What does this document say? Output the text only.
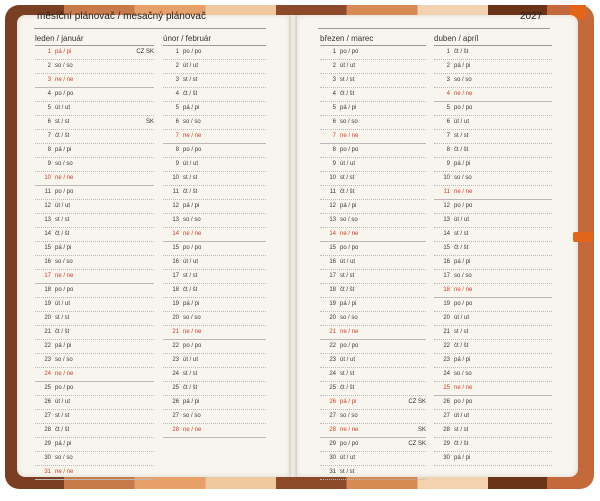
měsíční plánovač / mesačný plánovač	2027
leden / január
1 pá / pi	CZ SK
2 so / so
3 ne / ne
4 po / po
5 út / ut
6 st / st	SK
7 čt / št
8 pá / pi
9 so / so
10 ne / ne
11 po / po
12 út / ut
13 st / st
14 čt / št
15 pá / pi
16 so / so
17 ne / ne
18 po / po
19 út / ut
20 st / st
21 čt / št
22 pá / pi
23 so / so
24 ne / ne
25 po / po
26 út / ut
27 st / st
28 čt / št
29 pá / pi
30 so / so
31 ne / ne
únor / február
1 po / po
2 út / ut
3 st / st
4 čt / št
5 pá / pi
6 so / so
7 ne / ne
8 po / po
9 út / ut
10 st / st
11 čt / št
12 pá / pi
13 so / so
14 ne / ne
15 po / po
16 út / ut
17 st / st
18 čt / št
19 pá / pi
20 so / so
21 ne / ne
22 po / po
23 út / ut
24 st / st
25 čt / št
26 pá / pi
27 so / so
28 ne / ne
březen / marec
1 po / po
2 út / ut
3 st / st
4 čt / št
5 pá / pi
6 so / so
7 ne / ne
8 po / po
9 út / ut
10 st / st
11 čt / št
12 pá / pi
13 so / so
14 ne / ne
15 po / po
16 út / ut
17 st / st
18 čt / št
19 pá / pi
20 so / so
21 ne / ne
22 po / po
23 út / ut
24 st / st
25 čt / št
26 pá / pi	CZ SK
27 so / so
28 ne / ne	SK
29 po / po	CZ SK
30 út / ut
31 st / st
duben / apríl
1 čt / št
2 pá / pi
3 so / so
4 ne / ne
5 po / po
6 út / ut
7 st / st
8 čt / št
9 pá / pi
10 so / so
11 ne / ne
12 po / po
13 út / ut
14 st / st
15 čt / št
16 pá / pi
17 so / so
18 ne / ne
19 po / po
20 út / ut
21 st / st
22 čt / št
23 pá / pi
24 so / so
25 ne / ne
26 po / po
27 út / ut
28 st / st
29 čt / št
30 pá / pi
